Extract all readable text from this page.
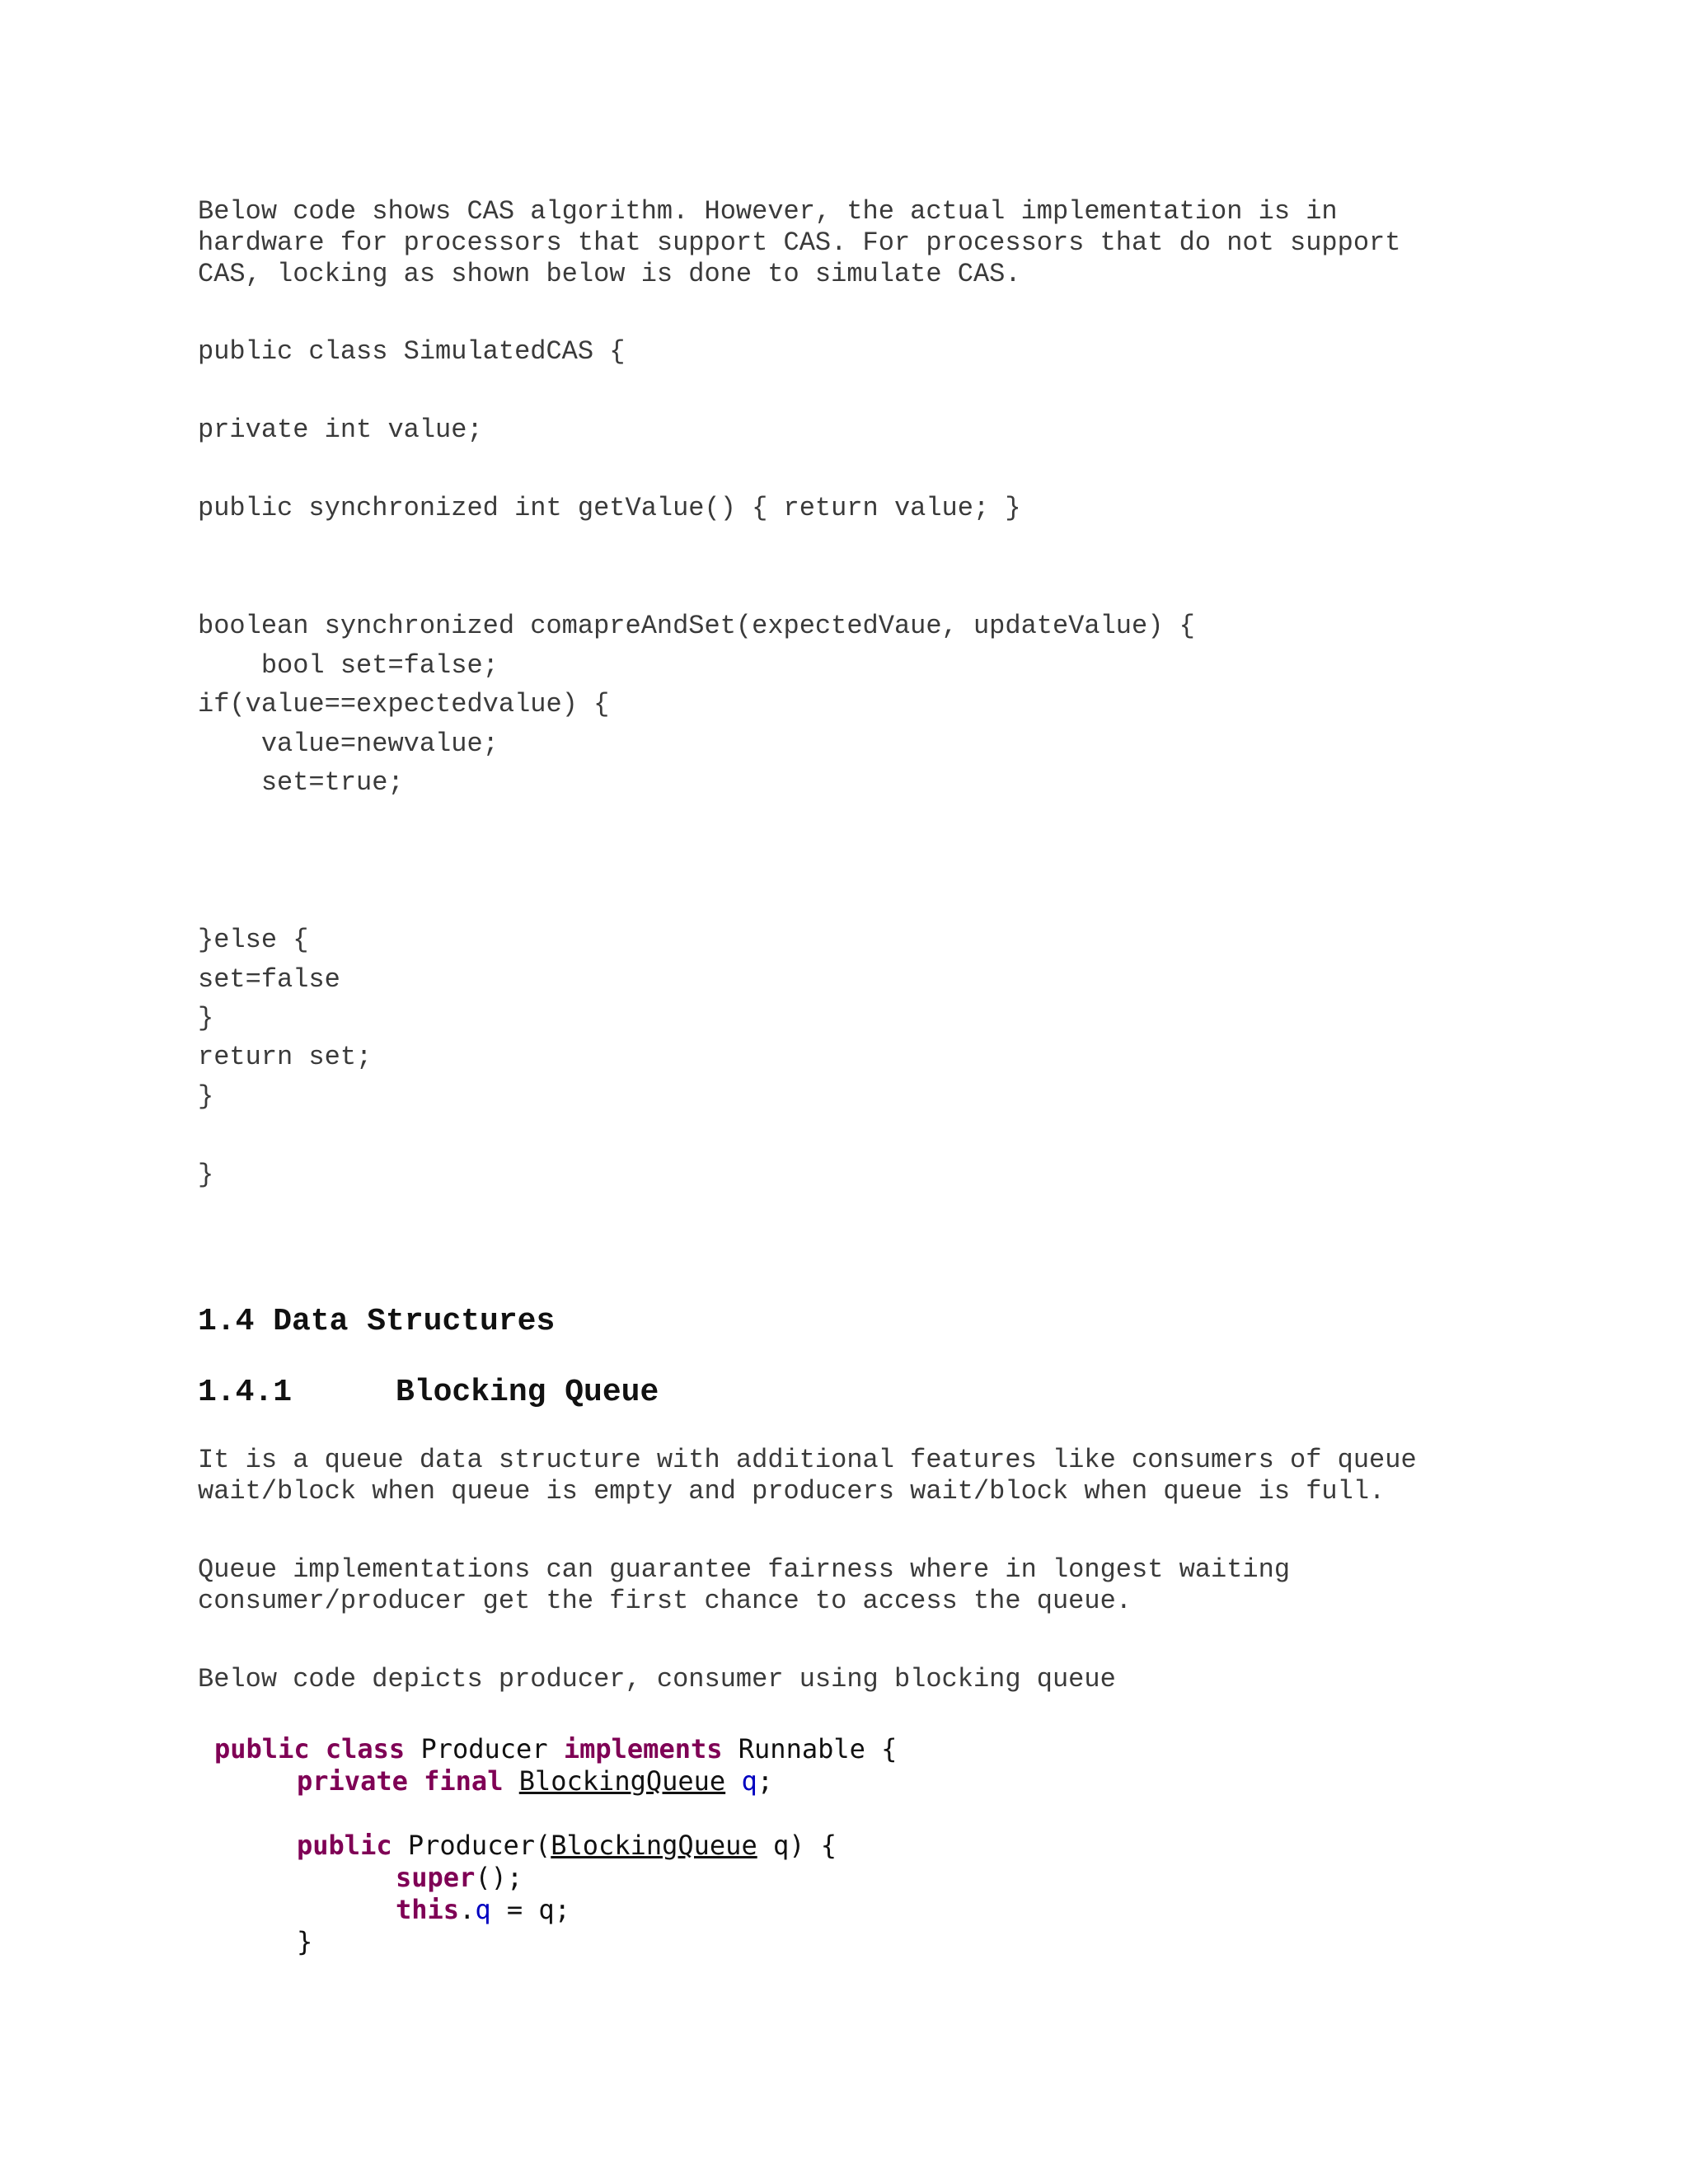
Below code shows CAS algorithm. However, the actual implementation is in
hardware for processors that support CAS. For processors that do not support
CAS, locking as shown below is done to simulate CAS.
public class SimulatedCAS {
private int value;
public synchronized int getValue() { return value; }
boolean synchronized comapreAndSet(expectedVaue, updateValue) {
bool set=false;
if(value==expectedvalue) {
value=newvalue;
set=true;
}else {
set=false
}
return set;
}
}
1.4 Data Structures
1.4.1	Blocking Queue
It is a queue data structure with additional features like consumers of queue
wait/block when queue is empty and producers wait/block when queue is full.
Queue implementations can guarantee fairness where in longest waiting
consumer/producer get the first chance to access the queue.
Below code depicts producer, consumer using blocking queue
public class Producer implements Runnable {
private final BlockingQueue q;
public Producer(BlockingQueue q) {
super();
this.q = q;
}
